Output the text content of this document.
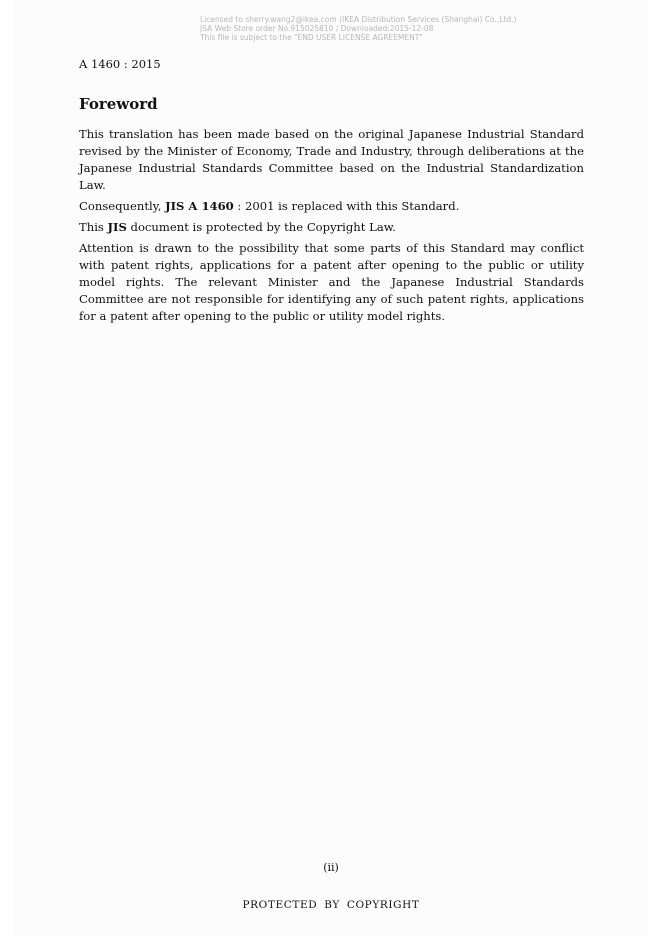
Licensed to sherry.wang2@ikea.com (IKEA Distribution Services (Shanghai) Co.,Ltd.)
JSA Web Store order No.915025810 / Downloaded:2015-12-08
This file is subject to the "END USER LICENSE AGREEMENT"
A 1460 : 2015
Foreword

This translation has been made based on the original Japanese Industrial Standard revised by the Minister of Economy, Trade and Industry, through deliberations at the Japanese Industrial Standards Committee based on the Industrial Standardization Law.

Consequently, JIS A 1460 : 2001 is replaced with this Standard.

This JIS document is protected by the Copyright Law.

Attention is drawn to the possibility that some parts of this Standard may conflict with patent rights, applications for a patent after opening to the public or utility model rights. The relevant Minister and the Japanese Industrial Standards Committee are not responsible for identifying any of such patent rights, applications for a patent after opening to the public or utility model rights.

(ii)
PROTECTED BY COPYRIGHT
